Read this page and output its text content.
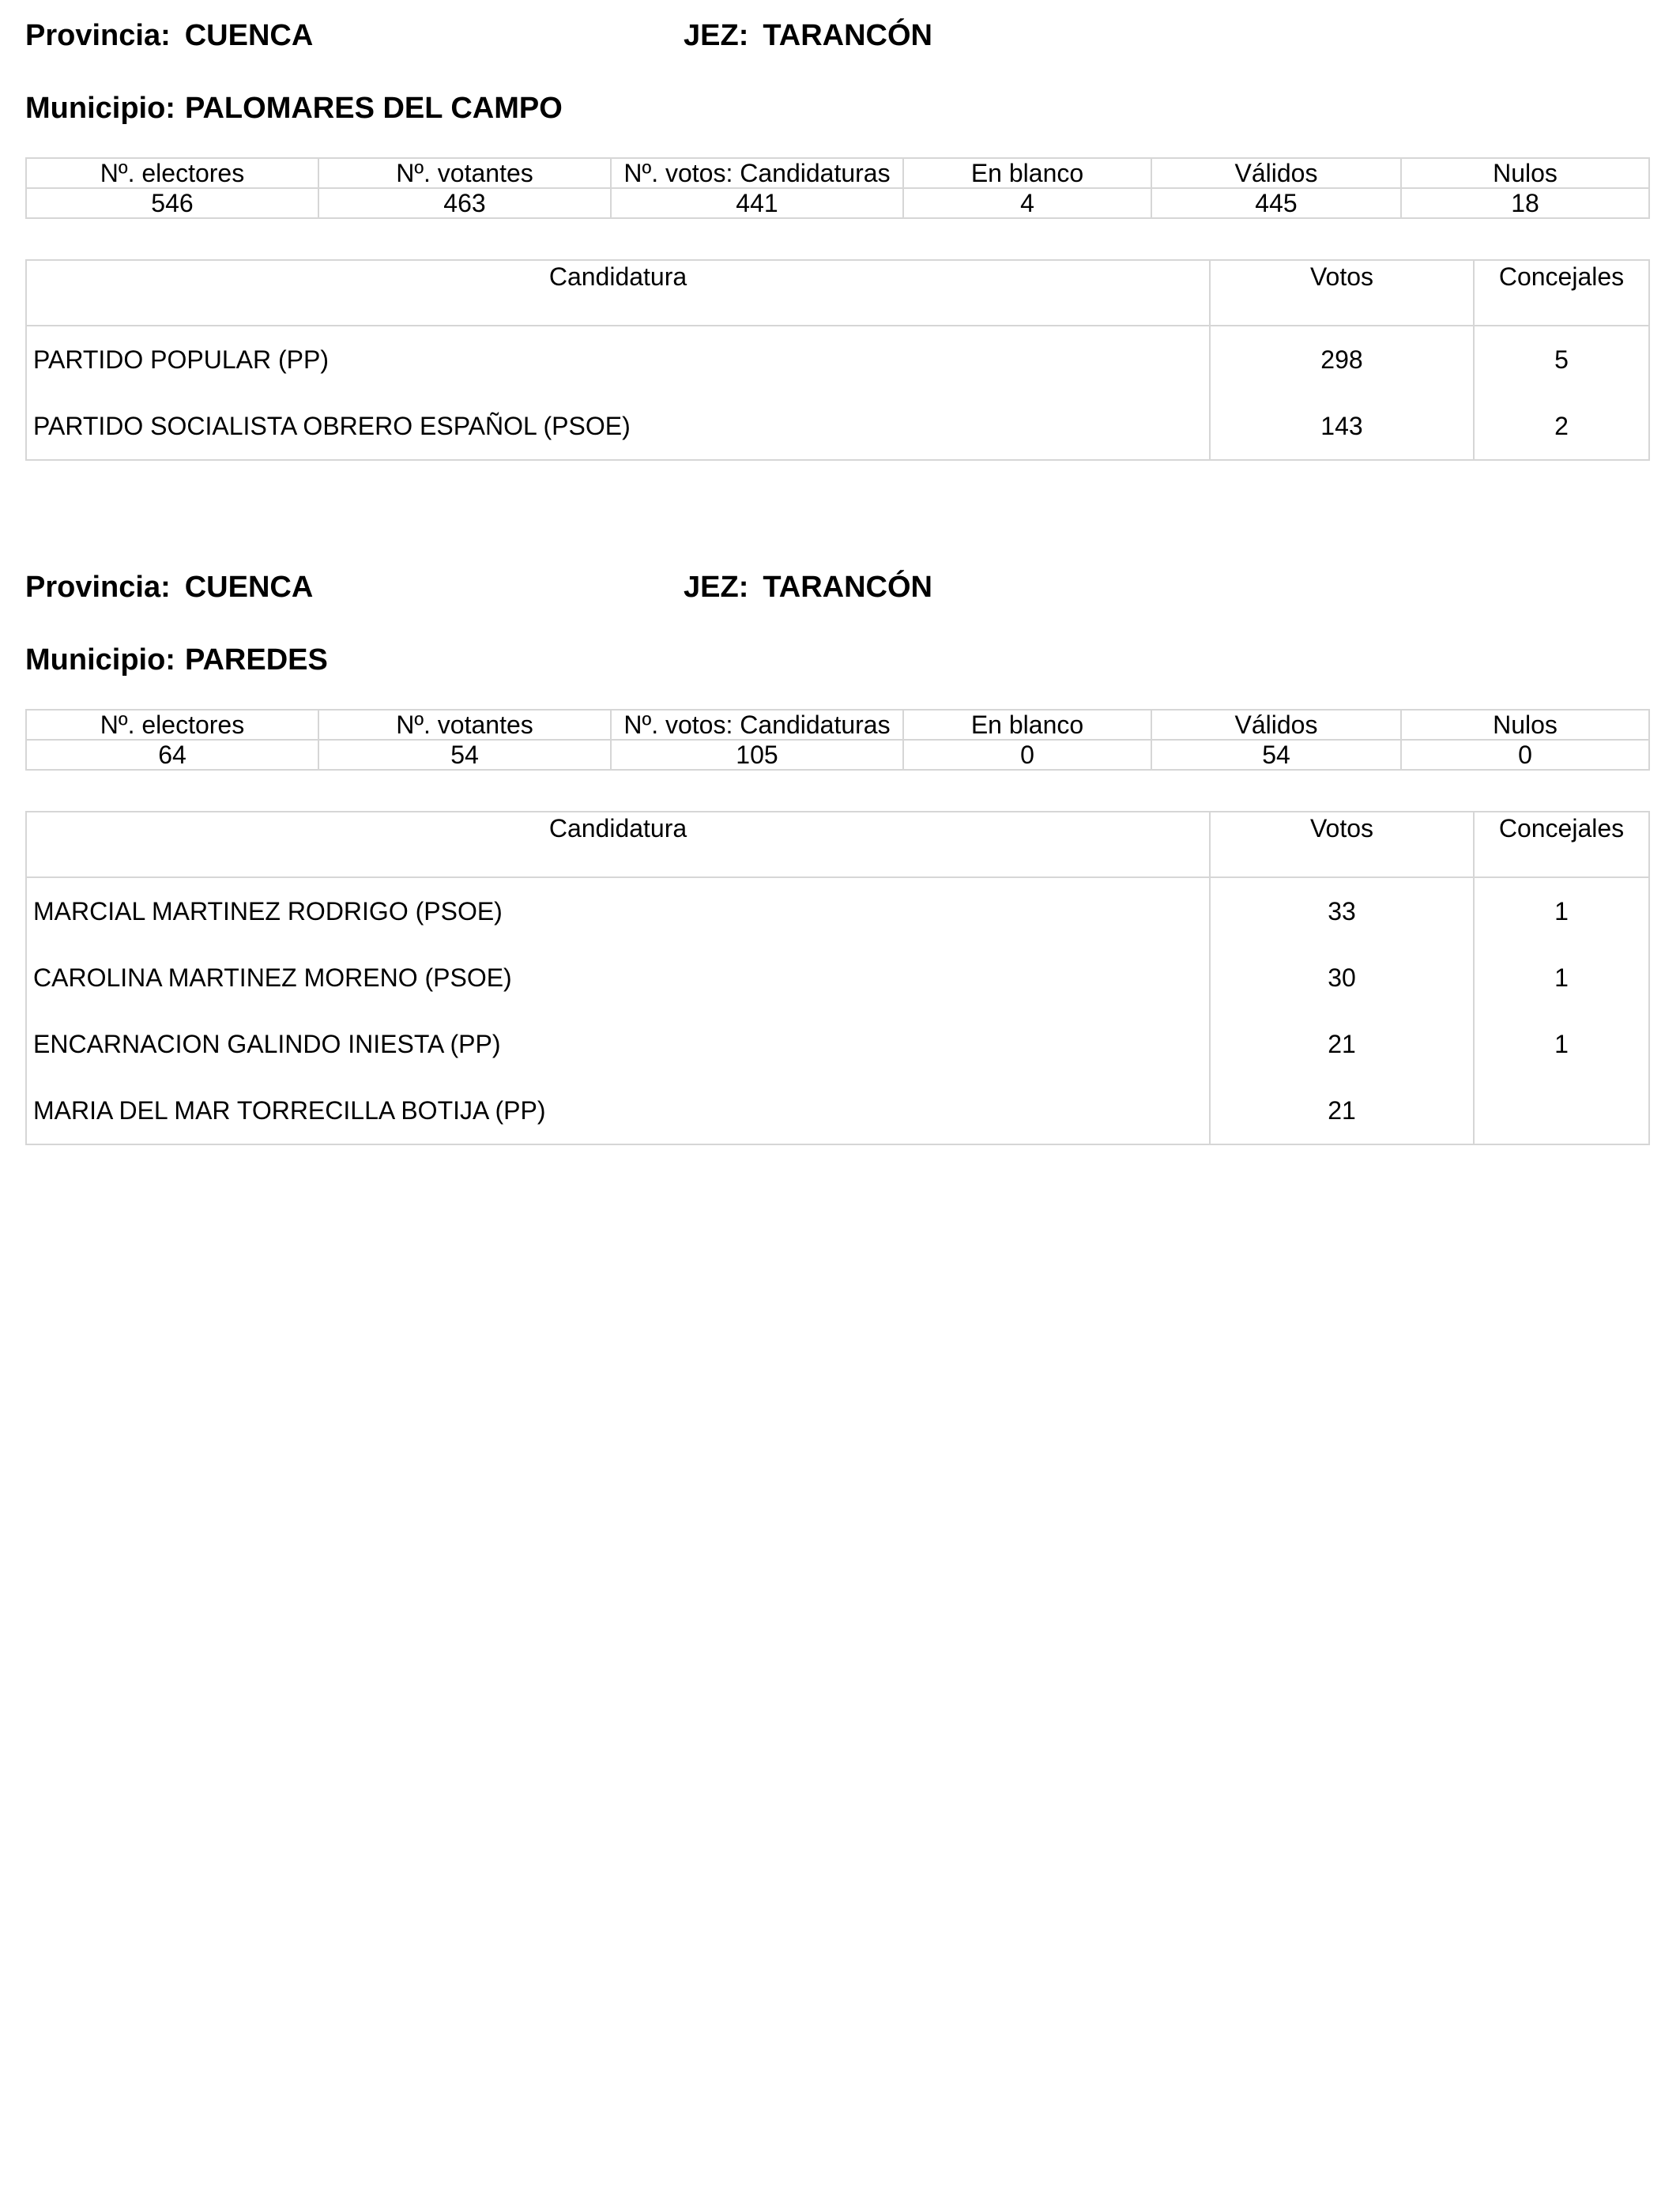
Provincia: CUENCA	JEZ: TARANCÓN
Municipio: PALOMARES DEL CAMPO
Nº. electores	Nº. votantes	Nº. votos: Candidaturas	En blanco	Válidos	Nulos
546	463	441	4	445	18
Candidatura	Votos	Concejales
PARTIDO POPULAR (PP)	298	5
PARTIDO SOCIALISTA OBRERO ESPAÑOL (PSOE)	143	2
Provincia: CUENCA	JEZ: TARANCÓN
Municipio: PAREDES
Nº. electores	Nº. votantes	Nº. votos: Candidaturas	En blanco	Válidos	Nulos
64	54	105	0	54	0
Candidatura	Votos	Concejales
MARCIAL MARTINEZ RODRIGO (PSOE)	33	1
CAROLINA MARTINEZ MORENO (PSOE)	30	1
ENCARNACION GALINDO INIESTA (PP)	21	1
MARIA DEL MAR TORRECILLA BOTIJA (PP)	21	
